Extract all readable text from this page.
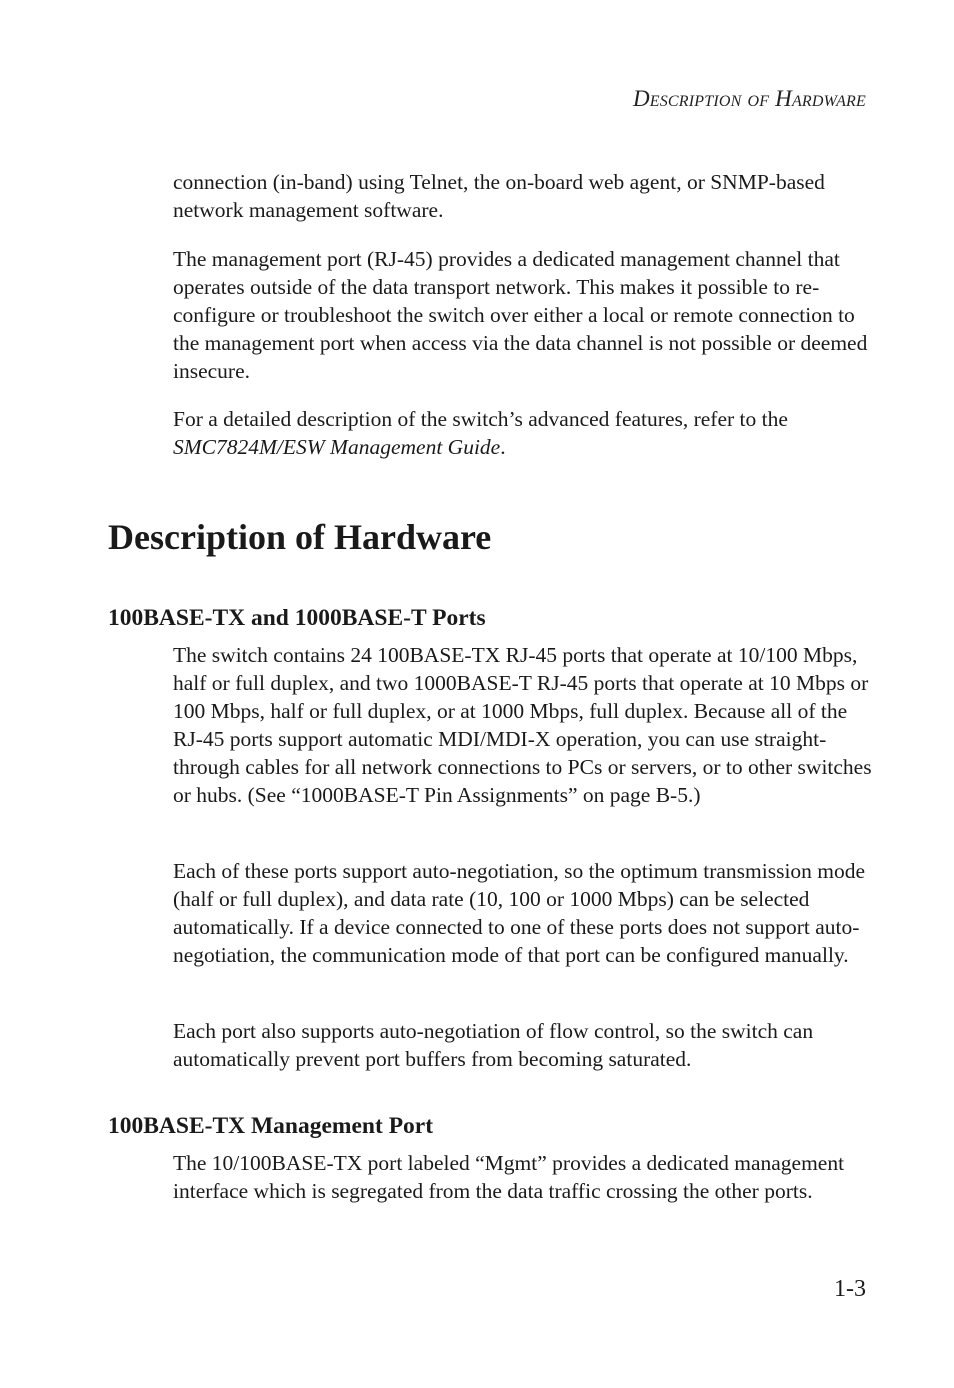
Description of Hardware

connection (in-band) using Telnet, the on-board web agent, or SNMP-based network management software.

The management port (RJ-45) provides a dedicated management channel that operates outside of the data transport network. This makes it possible to re-configure or troubleshoot the switch over either a local or remote connection to the management port when access via the data channel is not possible or deemed insecure.

For a detailed description of the switch’s advanced features, refer to the SMC7824M/ESW Management Guide.

Description of Hardware
100BASE-TX and 1000BASE-T Ports

The switch contains 24 100BASE-TX RJ-45 ports that operate at 10/100 Mbps, half or full duplex, and two 1000BASE-T RJ-45 ports that operate at 10 Mbps or 100 Mbps, half or full duplex, or at 1000 Mbps, full duplex. Because all of the RJ-45 ports support automatic MDI/MDI-X operation, you can use straight-through cables for all network connections to PCs or servers, or to other switches or hubs. (See “1000BASE-T Pin Assignments” on page B-5.)

Each of these ports support auto-negotiation, so the optimum transmission mode (half or full duplex), and data rate (10, 100 or 1000 Mbps) can be selected automatically. If a device connected to one of these ports does not support auto-negotiation, the communication mode of that port can be configured manually.

Each port also supports auto-negotiation of flow control, so the switch can automatically prevent port buffers from becoming saturated.

100BASE-TX Management Port

The 10/100BASE-TX port labeled “Mgmt” provides a dedicated management interface which is segregated from the data traffic crossing the other ports.

1-3
